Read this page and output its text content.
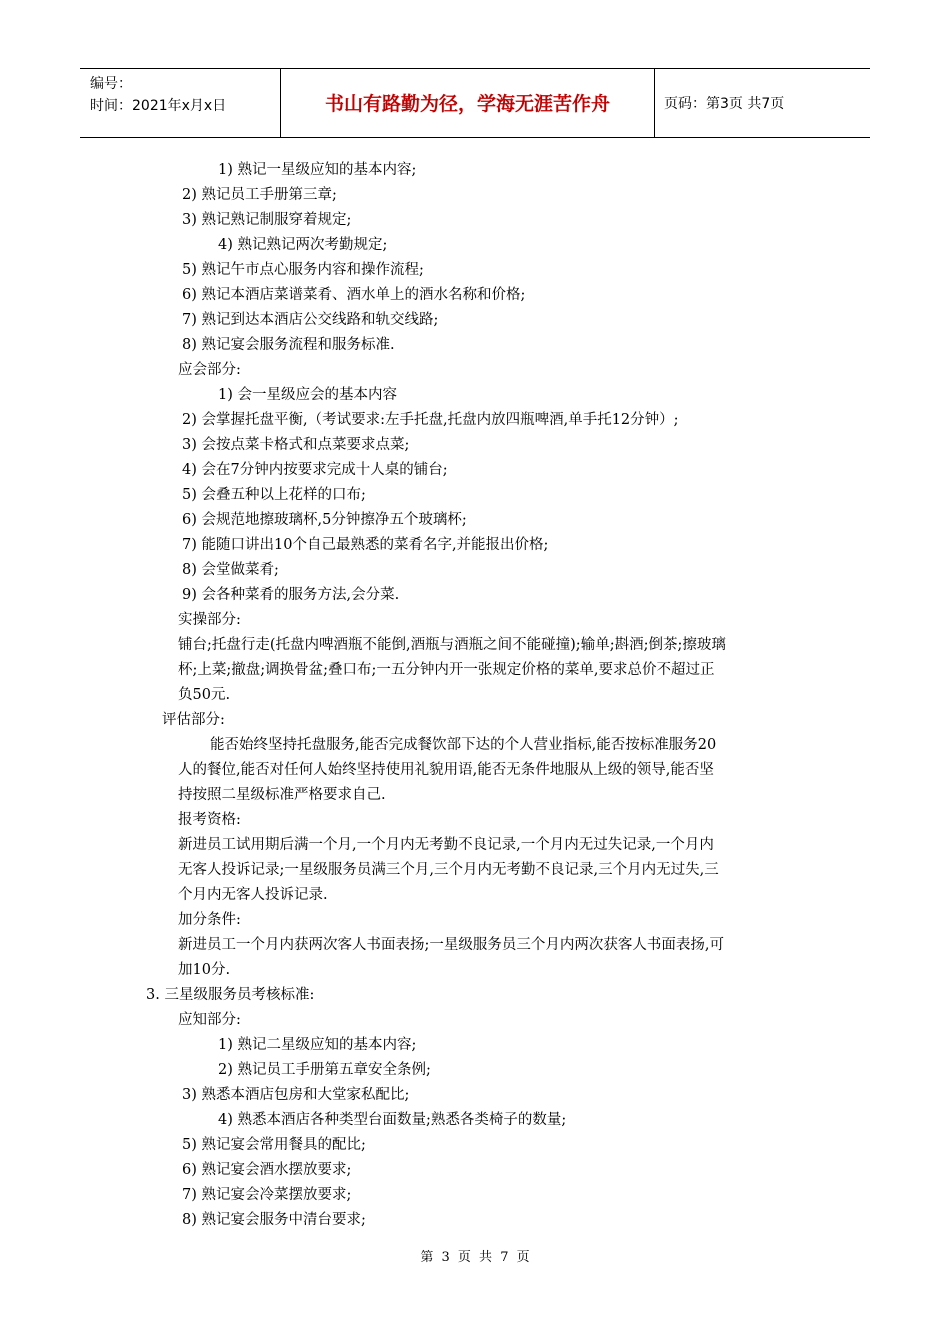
编号：
时间：2021年x月x日	书山有路勤为径，学海无涯苦作舟	页码：第3页 共7页
1) 熟记一星级应知的基本内容;
2) 熟记员工手册第三章;
3) 熟记熟记制服穿着规定;
4) 熟记熟记两次考勤规定;
5) 熟记午市点心服务内容和操作流程;
6) 熟记本酒店菜谱菜肴、酒水单上的酒水名称和价格;
7) 熟记到达本酒店公交线路和轨交线路;
8) 熟记宴会服务流程和服务标准.
应会部分:
1) 会一星级应会的基本内容
2) 会掌握托盘平衡,（考试要求:左手托盘,托盘内放四瓶啤酒,单手托12分钟）;
3) 会按点菜卡格式和点菜要求点菜;
4) 会在7分钟内按要求完成十人桌的铺台;
5) 会叠五种以上花样的口布;
6) 会规范地擦玻璃杯,5分钟擦净五个玻璃杯;
7) 能随口讲出10个自己最熟悉的菜肴名字,并能报出价格;
8) 会堂做菜肴;
9) 会各种菜肴的服务方法,会分菜.
实操部分:
铺台;托盘行走(托盘内啤酒瓶不能倒,酒瓶与酒瓶之间不能碰撞);输单;斟酒;倒茶;擦玻璃
杯;上菜;撤盘;调换骨盆;叠口布;一五分钟内开一张规定价格的菜单,要求总价不超过正
负50元.
评估部分:
能否始终坚持托盘服务,能否完成餐饮部下达的个人营业指标,能否按标准服务20
人的餐位,能否对任何人始终坚持使用礼貌用语,能否无条件地服从上级的领导,能否坚
持按照二星级标准严格要求自己.
报考资格:
新进员工试用期后满一个月,一个月内无考勤不良记录,一个月内无过失记录,一个月内
无客人投诉记录;一星级服务员满三个月,三个月内无考勤不良记录,三个月内无过失,三
个月内无客人投诉记录.
加分条件:
新进员工一个月内获两次客人书面表扬;一星级服务员三个月内两次获客人书面表扬,可
加10分.
3. 三星级服务员考核标准:
应知部分:
1) 熟记二星级应知的基本内容;
2) 熟记员工手册第五章安全条例;
3) 熟悉本酒店包房和大堂家私配比;
4) 熟悉本酒店各种类型台面数量;熟悉各类椅子的数量;
5) 熟记宴会常用餐具的配比;
6) 熟记宴会酒水摆放要求;
7) 熟记宴会冷菜摆放要求;
8) 熟记宴会服务中清台要求;
第 3 页 共 7 页
